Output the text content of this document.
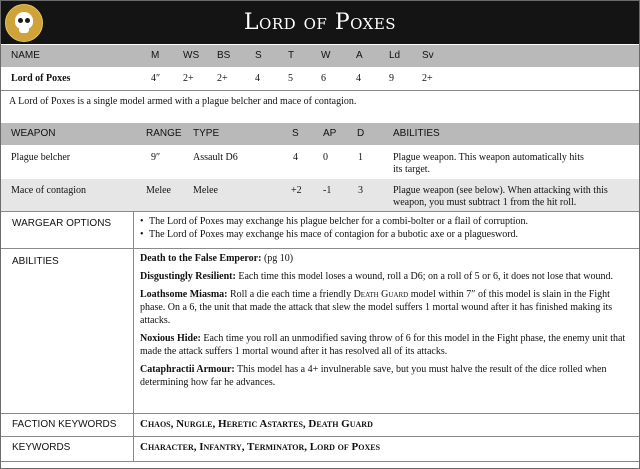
Lord of Poxes
NAME	M WS BS S	T	W	A	Ld Sv
Lord of Poxes	4″ 2+ 2+	4	5	6	4	9	2+
A Lord of Poxes is a single model armed with a plague belcher and mace of contagion.
WEAPON	RANGE TYPE	S AP D	ABILITIES
Plague belcher	9″	Assault D6	4	0	1	Plague weapon. This weapon automatically hits
its target.
Mace of contagion	Melee Melee	+2 -1	3	Plague weapon (see below). When attacking with this
weapon, you must subtract 1 from the hit roll.
WARGEAR OPTIONS
•	The Lord of Poxes may exchange his plague belcher for a combi-bolter or a flail of corruption.
• The Lord of Poxes may exchange his mace of contagion for a bubotic axe or a plaguesword.
ABILITIES	Death to the False Emperor: (pg 10)

Disgustingly Resilient: Each time this model loses a wound, roll a D6; on a roll of 5 or 6, it does not lose that wound.

Loathsome Miasma: Roll a die each time a friendly Death Guard model within 7″ of this model is slain in the Fight phase. On a 6, the unit that made the attack that slew the model suffers 1 mortal wound after it has finished making its attacks.

Noxious Hide: Each time you roll an unmodified saving throw of 6 for this model in the Fight phase, the enemy unit that made the attack suffers 1 mortal wound after it has resolved all of its attacks.

Cataphractii Armour: This model has a 4+ invulnerable save, but you must halve the result of the dice rolled when determining how far he advances.

FACTION KEYWORDS Chaos, Nurgle, Heretic Astartes, Death Guard
KEYWORDS	Character, Infantry, Terminator, Lord of Poxes
